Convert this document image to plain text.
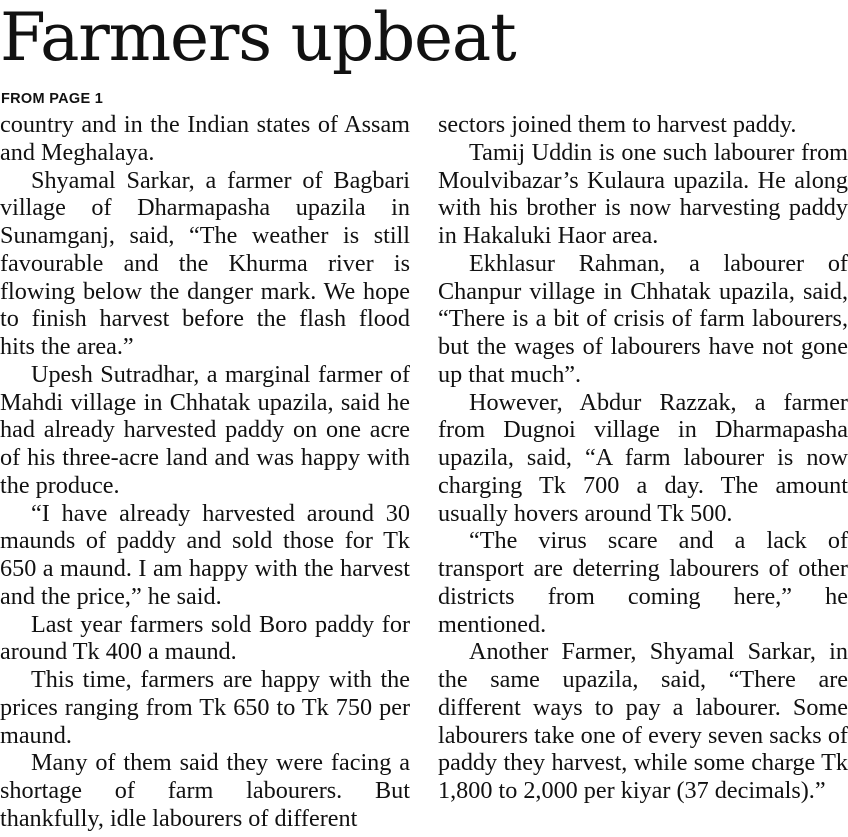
Farmers upbeat
FROM PAGE 1

country and in the Indian states of Assam and Meghalaya.

Shyamal Sarkar, a farmer of Bagbari village of Dharmapasha upazila in Sunamganj, said, “The weather is still favourable and the Khurma river is flowing below the danger mark. We hope to finish harvest before the flash flood hits the area.”

Upesh Sutradhar, a marginal farmer of Mahdi village in Chhatak upazila, said he had already harvested paddy on one acre of his three-acre land and was happy with the produce.

“I have already harvested around 30 maunds of paddy and sold those for Tk 650 a maund. I am happy with the harvest and the price,” he said.

Last year farmers sold Boro paddy for around Tk 400 a maund.

This time, farmers are happy with the prices ranging from Tk 650 to Tk 750 per maund.

Many of them said they were facing a shortage of farm labourers. But thankfully, idle labourers of different

sectors joined them to harvest paddy.

Tamij Uddin is one such labourer from Moulvibazar’s Kulaura upazila. He along with his brother is now harvesting paddy in Hakaluki Haor area.

Ekhlasur Rahman, a labourer of Chanpur village in Chhatak upazila, said, “There is a bit of crisis of farm labourers, but the wages of labourers have not gone up that much”.

However, Abdur Razzak, a farmer from Dugnoi village in Dharmapasha upazila, said, “A farm labourer is now charging Tk 700 a day. The amount usually hovers around Tk 500.

“The virus scare and a lack of transport are deterring labourers of other districts from coming here,” he mentioned.

Another Farmer, Shyamal Sarkar, in the same upazila, said, “There are different ways to pay a labourer. Some labourers take one of every seven sacks of paddy they harvest, while some charge Tk 1,800 to 2,000 per kiyar (37 decimals).”
